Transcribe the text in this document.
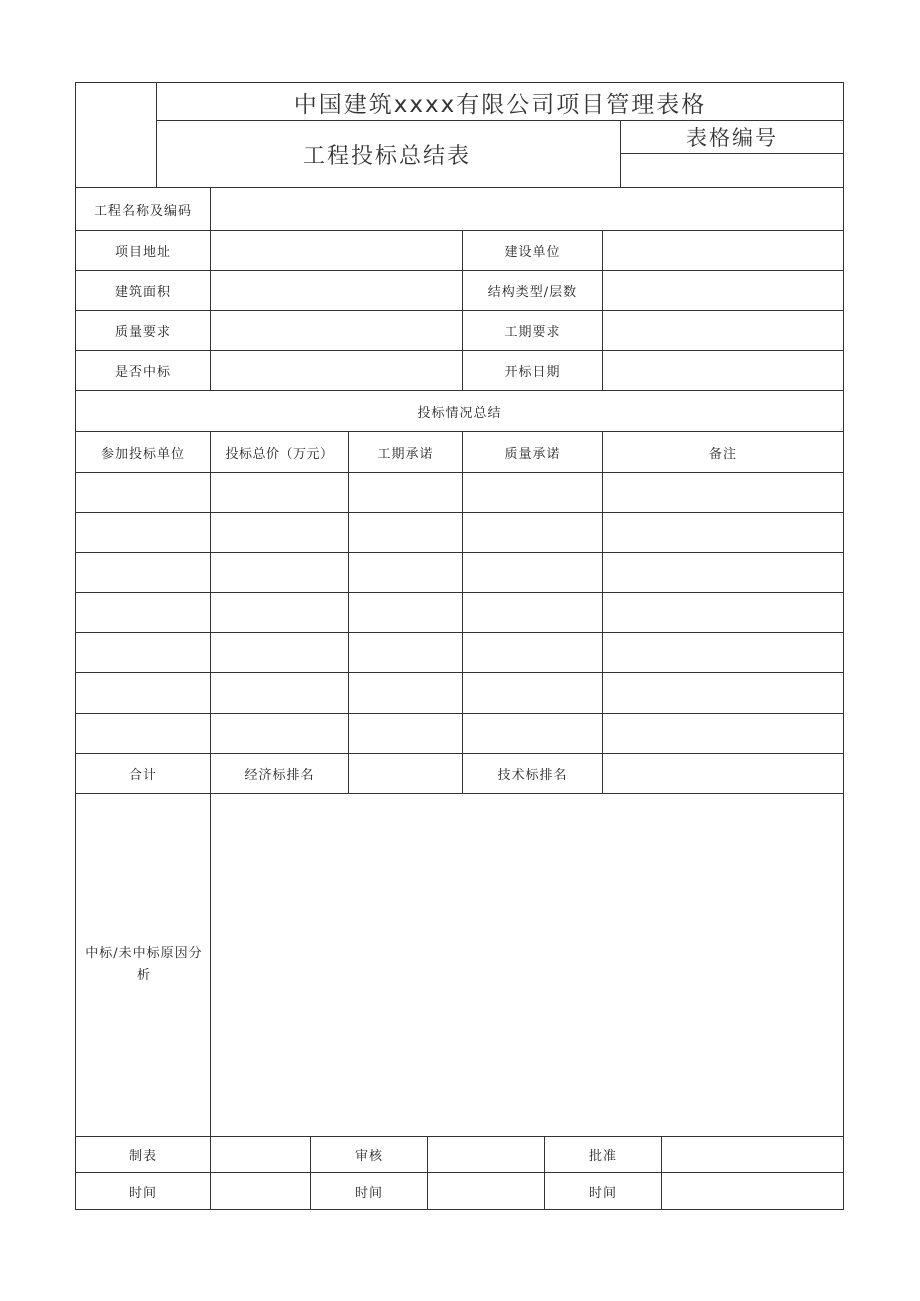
中国建筑xxxx有限公司项目管理表格
工程投标总结表
表格编号
工程名称及编码
项目地址	建设单位
建筑面积	结构类型/层数
质量要求	工期要求
是否中标	开标日期
投标情况总结
参加投标单位	投标总价（万元）	工期承诺	质量承诺	备注
合计	经济标排名	技术标排名
中标/未中标原因分析
制表	审核	批准
时间	时间	时间
